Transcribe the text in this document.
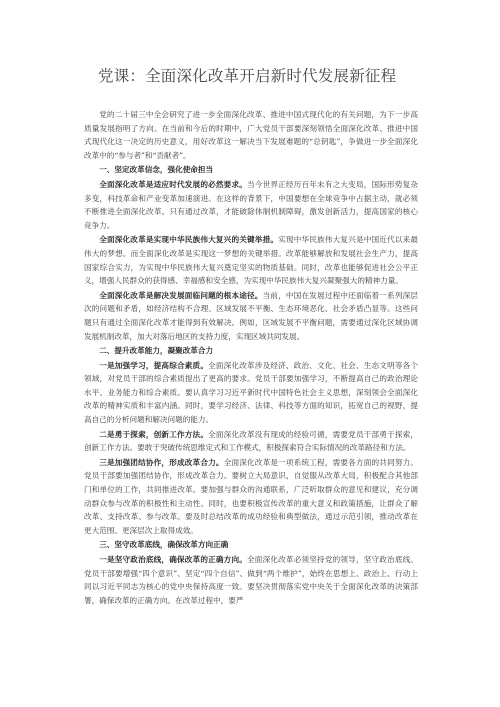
党课：全面深化改革开启新时代发展新征程

党的二十届三中全会研究了进一步全面深化改革、推进中国式现代化的有关问题，为下一步高质量发展指明了方向。在当前和今后的时期中，广大党员干部要深刻领悟全面深化改革、推进中国式现代化这一决定的历史意义，用好改革这一解决当下发展难题的“总钥匙”，争做进一步全面深化改革中的“参与者”和“贡献者”。

一、坚定改革信念，强化使命担当

全面深化改革是适应时代发展的必然要求。当今世界正经历百年未有之大变局，国际形势复杂多变，科技革命和产业变革加速演进。在这样的背景下，中国要想在全球竞争中占据主动，就必须不断推进全面深化改革。只有通过改革，才能破除体制机制障碍，激发创新活力，提高国家的核心竞争力。

全面深化改革是实现中华民族伟大复兴的关键举措。实现中华民族伟大复兴是中国近代以来最伟大的梦想。而全面深化改革是实现这一梦想的关键举措。改革能够解放和发展社会生产力，提高国家综合实力，为实现中华民族伟大复兴奠定坚实的物质基础。同时，改革也能够促进社会公平正义，增强人民群众的获得感、幸福感和安全感，为实现中华民族伟大复兴凝聚强大的精神力量。

全面深化改革是解决发展面临问题的根本途径。当前，中国在发展过程中还面临着一系列深层次的问题和矛盾，如经济结构不合理、区域发展不平衡、生态环境恶化、社会矛盾凸显等。这些问题只有通过全面深化改革才能得到有效解决。例如，区域发展不平衡问题，需要通过深化区域协调发展机制改革，加大对落后地区的支持力度，实现区域共同发展。

二、提升改革能力，凝聚改革合力

一是加强学习，提高综合素质。全面深化改革涉及经济、政治、文化、社会、生态文明等各个领域，对党员干部的综合素质提出了更高的要求。党员干部要加强学习，不断提高自己的政治理论水平、业务能力和综合素质。要认真学习习近平新时代中国特色社会主义思想，深刻领会全面深化改革的精神实质和丰富内涵。同时，要学习经济、法律、科技等方面的知识，拓宽自己的视野，提高自己的分析问题和解决问题的能力。

二是勇于探索，创新工作方法。全面深化改革没有现成的经验可循，需要党员干部勇于探索，创新工作方法。要敢于突破传统思维定式和工作模式，积极探索符合实际情况的改革路径和方法。

三是加强团结协作，形成改革合力。全面深化改革是一项系统工程，需要各方面的共同努力。党员干部要加强团结协作，形成改革合力。要树立大局意识，自觉服从改革大局，积极配合其他部门和单位的工作，共同推进改革。要加强与群众的沟通联系，广泛听取群众的意见和建议，充分调动群众参与改革的积极性和主动性。同时，也要积极宣传改革的重大意义和政策措施，让群众了解改革、支持改革、参与改革。要及时总结改革的成功经验和典型做法，通过示范引领，推动改革在更大范围、更深层次上取得成效。

三、坚守改革底线，确保改革方向正确

一是坚守政治底线，确保改革的正确方向。全面深化改革必须坚持党的领导，坚守政治底线。党员干部要增强“四个意识”、坚定“四个自信”、做到“两个维护”，始终在思想上、政治上、行动上同以习近平同志为核心的党中央保持高度一致。要坚决贯彻落实党中央关于全面深化改革的决策部署，确保改革的正确方向。在改革过程中，要严
